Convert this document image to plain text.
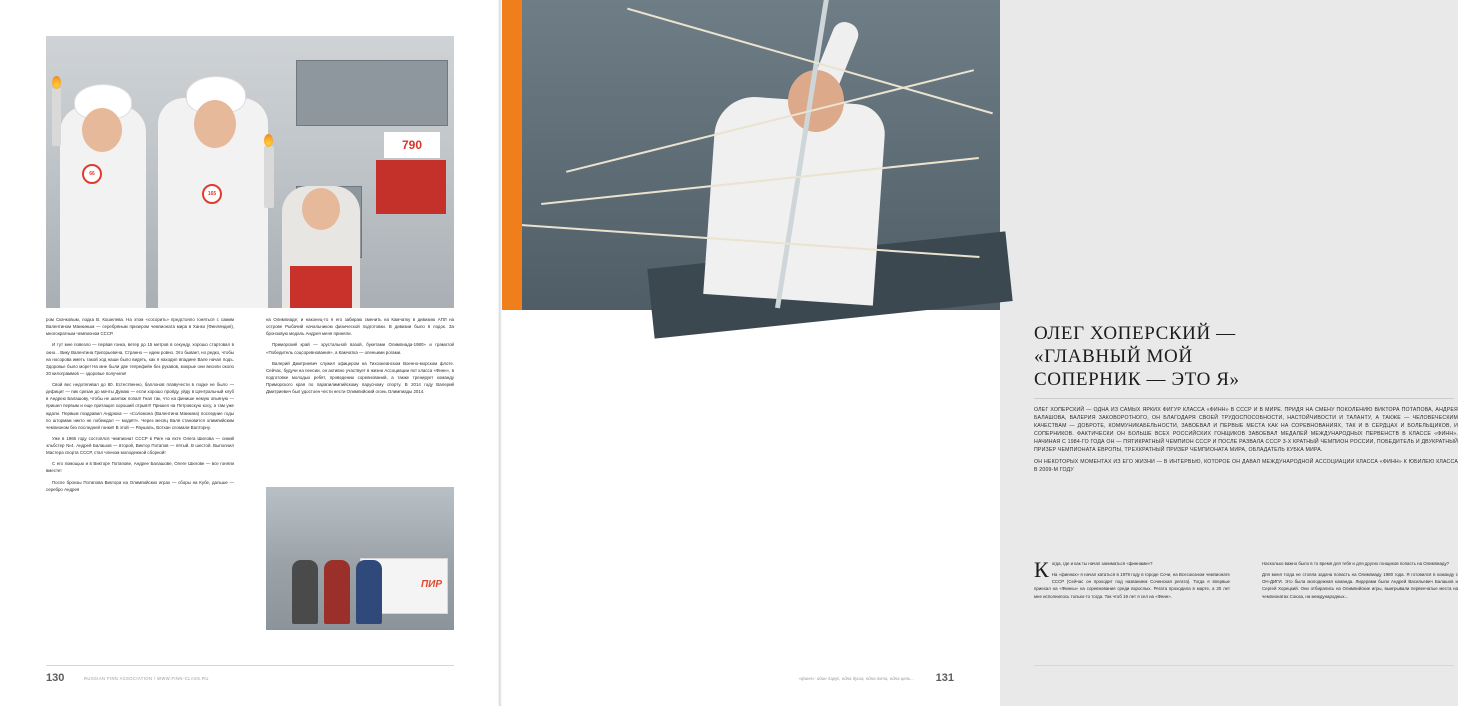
790
66
165

ром Скачковым, лодка В. Кошелева. На этом «сосорить» предстояло гоняться с самим Валентином Манкиным — серебряным призером чемпионата мира в Ханко (Финляндия), многократным чемпионом СССР.

И тут мне повезло — первая гонка, ветер до 15 метров в секунду, хорошо стартовал в окно... Вику Валентина Григорьевича. Странно — идем ровно. Это бывает, но редко, чтобы на носорова иметь такой ход наши было видеть, как я находил впадине Вале начал подъ. Здоровье было море! На мне были две тепрефейн без рукавов, мокрые они весили около 20 килограммов — здоровье получили!

Свой вес недотягивал до 80. Естественно, баллонов плавучести в лодке не было — дефицит — пик срезан до мачты Думаю — если хорошо пройду, уйду в Центральный клуб в Андрею Балашову, чтобы не шантаж попал! Гнал так, что на финише немую опьяную — пришел первым и еще притащил хороший отрыв!!! Пришел на Петровскую косу, а там уже ждали. Первым поздравил Андрюха — «Соломона (Валентина Манкина) последние годы по штормам никто не побеждал — моди!!!». Через месяц Валя становится олимпийским чемпионом без последней гонки!! В этой — Раушаль, Вотхан сломали Валторну.

Уже в 1966 году состоялся чемпионат СССР в Риге на яхте Олега Шилова — синий эльбстер №4. Андрей Балашов — второй, Виктор Потапов — пятый. В шестой. Выполнил Мастера спорта СССР, стал членом молодежной сборной!

С его помощью и в Викторе Потапове, Андрее Балашове, Олеге Шилове — все гоняли вместе!

После бронзы Потапова Виктора на Олимпийских играх — сборы на Кубе, дальше — серебро Андрея

на Олимпиаде; и наконец-то я его забираю сменить на Камчатку в дивизию АПЛ на острове Рыбачий начальником физической подготовки. В дивизии было 6 лодок. За бронзовую медаль Андрея меня приняли.

Приморский край — хрустальной вазой, букетами Олимпиада-1980» и грамотой «Победитель соцсоревнования», а Камчатка — оленьими рогами.

Валерий Дмитриевич служил офицером на Тихоокеанском Военно-морском флоте. Сейчас, будучи на пенсии, он активно участвует в жизни Ассоциации яхт класса «Финн», в подготовке молодых ребят, проведении соревнований, а также тренирует команду Приморского края по парапилимпийскому парусному спорту. В 2014 году Валерий Дмитриевич был удостоен чести нести Олимпийский огонь Олимпиады 2014.

ПИР
130	RUSSIAN FINN ASSOCIATION / WWW.FINN-CLASS.RU
ОЛЕГ ХОПЕРСКИЙ —
«ГЛАВНЫЙ МОЙ
СОПЕРНИК — ЭТО Я»

ОЛЕГ ХОПЕРСКИЙ — ОДНА ИЗ САМЫХ ЯРКИХ ФИГУР КЛАССА «ФИНН» В СССР И В МИРЕ. ПРИДЯ НА СМЕНУ ПОКОЛЕНИЮ ВИКТОРА ПОТАПОВА, АНДРЕЯ БАЛАШОВА, ВАЛЕРИЯ ЗАКОВОРОТНОГО, ОН БЛАГОДАРЯ СВОЕЙ ТРУДОСПОСОБНОСТИ, НАСТОЙЧИВОСТИ И ТАЛАНТУ, А ТАКЖЕ — ЧЕЛОВЕЧЕСКИМ КАЧЕСТВАМ — ДОБРОТЕ, КОММУНИКАБЕЛЬНОСТИ, ЗАВОЕВАЛ И ПЕРВЫЕ МЕСТА КАК НА СОРЕВНОВАНИЯХ, ТАК И В СЕРДЦАХ И БОЛЕЛЬЩИКОВ, И СОПЕРНИКОВ. ФАКТИЧЕСКИ ОН БОЛЬШЕ ВСЕХ РОССИЙСКИХ ГОНЩИКОВ ЗАВОЕВАЛ МЕДАЛЕЙ МЕЖДУНАРОДНЫХ ПЕРВЕНСТВ В КЛАССЕ «ФИНН». НАЧИНАЯ С 1984-ГО ГОДА ОН — ПЯТИКРАТНЫЙ ЧЕМПИОН СССР И ПОСЛЕ РАЗВАЛА СССР 3-Х КРАТНЫЙ ЧЕМПИОН РОССИИ, ПОБЕДИТЕЛЬ И ДВУКРАТНЫЙ ПРИЗЕР ЧЕМПИОНАТА ЕВРОПЫ, ТРЕХКРАТНЫЙ ПРИЗЕР ЧЕМПИОНАТА МИРА, ОБЛАДАТЕЛЬ КУБКА МИРА.

ОН НЕКОТОРЫХ МОМЕНТАХ ИЗ ЕГО ЖИЗНИ — В ИНТЕРВЬЮ, КОТОРОЕ ОН ДАВАЛ МЕЖДУНАРОДНОЙ АССОЦИАЦИИ КЛАССА «ФИНН» К ЮБИЛЕЮ КЛАССА В 2009-М ГОДУ

Когда, где и как ты начал заниматься «финнами»?

На «финнах» я начал кататься в 1979 году в городе Сочи, на Всесоюзном чемпионате СССР (Сейчас он проходит под названием Сочинская регата). Тогда я впервые приехал на «Финны» на соревнования среди взрослых. Регата проходила в марте, а 20 лет мне исполнилось только-то тогда. Так чтоб 19 лет я сел на «Финн».

Насколько важно было в то время для тебя и для других гонщиков попасть на Олимпиаду?

Для меня тогда не стояла задача попасть на Олимпиаду 1980 года. Я готовился в команду с ОН-ДИГИ. Это была молодежная команда. Лидерами были Андрей Васильевич Балашов и Сергей Хорецкий. Они отбирались на Олимпийские игры, выигрывали первенчатые места на чемпионатах Союза, на международных...

131
«финн»: один парус, одна душа, одна яхта, одна цель...
